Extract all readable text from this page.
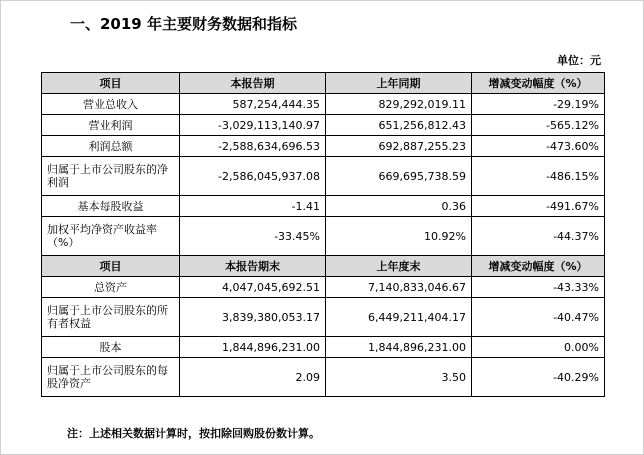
一、2019 年主要财务数据和指标
单位：元
项目	本报告期	上年同期	增减变动幅度（%）
营业总收入	587,254,444.35	829,292,019.11	-29.19%
营业利润	-3,029,113,140.97	651,256,812.43	-565.12%
利润总额	-2,588,634,696.53	692,887,255.23	-473.60%
归属于上市公司股东的净利润	-2,586,045,937.08	669,695,738.59	-486.15%
基本每股收益	-1.41	0.36	-491.67%
加权平均净资产收益率（%）	-33.45%	10.92%	-44.37%
项目	本报告期末	上年度末	增减变动幅度（%）
总资产	4,047,045,692.51	7,140,833,046.67	-43.33%
归属于上市公司股东的所有者权益	3,839,380,053.17	6,449,211,404.17	-40.47%
股本	1,844,896,231.00	1,844,896,231.00	0.00%
归属于上市公司股东的每股净资产	2.09	3.50	-40.29%
注：上述相关数据计算时，按扣除回购股份数计算。
